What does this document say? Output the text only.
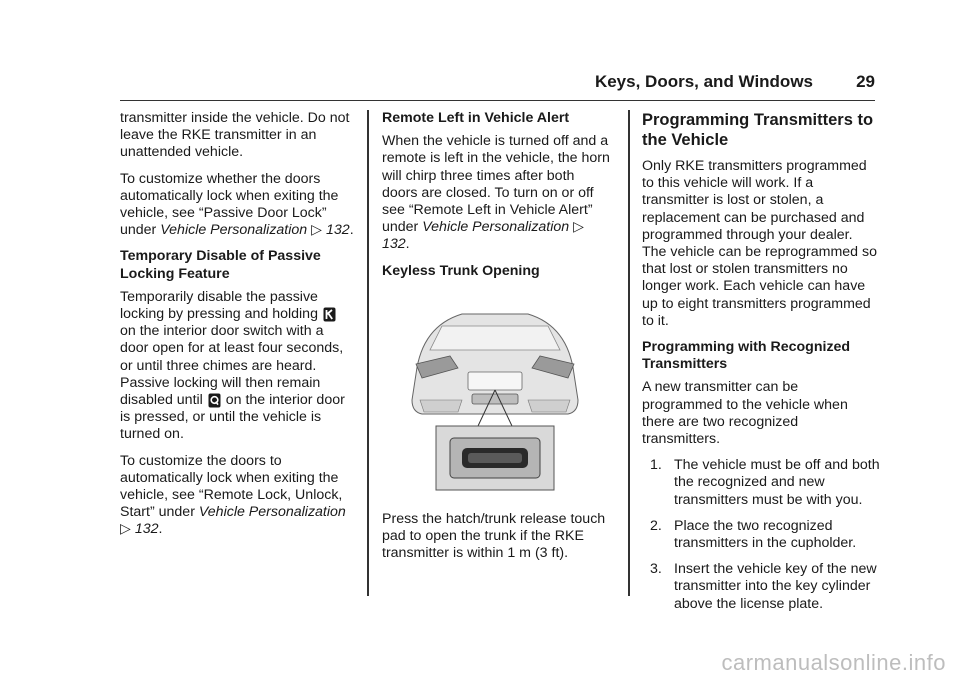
Keys, Doors, and Windows	29

transmitter inside the vehicle. Do not leave the RKE transmitter in an unattended vehicle.

To customize whether the doors automatically lock when exiting the vehicle, see “Passive Door Lock” under Vehicle Personalization ▷ 132.

Temporary Disable of Passive Locking Feature

Temporarily disable the passive locking by pressing and holding  on the interior door switch with a door open for at least four seconds, or until three chimes are heard. Passive locking will then remain disabled until on the interior door is pressed, or until the vehicle is turned on.

To customize the doors to automatically lock when exiting the vehicle, see “Remote Lock, Unlock, Start” under Vehicle Personalization ▷ 132.

Remote Left in Vehicle Alert

When the vehicle is turned off and a remote is left in the vehicle, the horn will chirp three times after both doors are closed. To turn on or off see “Remote Left in Vehicle Alert” under Vehicle Personalization ▷ 132.

Keyless Trunk Opening

Press the hatch/trunk release touch pad to open the trunk if the RKE transmitter is within 1 m (3 ft).

Programming Transmitters to the Vehicle

Only RKE transmitters programmed to this vehicle will work. If a transmitter is lost or stolen, a replacement can be purchased and programmed through your dealer. The vehicle can be reprogrammed so that lost or stolen transmitters no longer work. Each vehicle can have up to eight transmitters programmed to it.

Programming with Recognized Transmitters

A new transmitter can be programmed to the vehicle when there are two recognized transmitters.

1. The vehicle must be off and both the recognized and new transmitters must be with you.
2. Place the two recognized transmitters in the cupholder.
3. Insert the vehicle key of the new transmitter into the key cylinder above the license plate.
carmanualsonline.info
